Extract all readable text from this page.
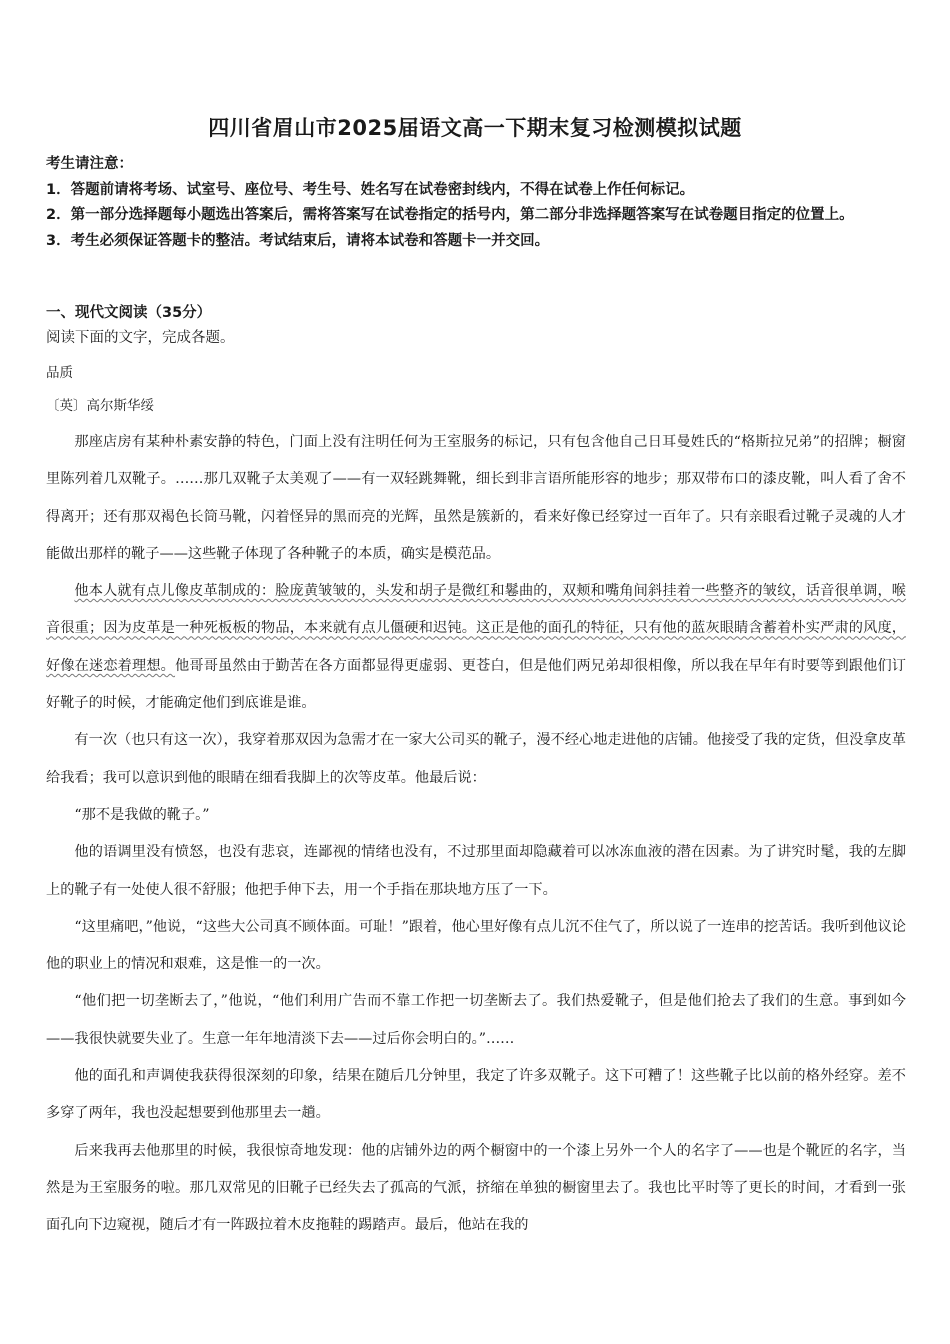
四川省眉山市2025届语文高一下期末复习检测模拟试题

考生请注意：

1．答题前请将考场、试室号、座位号、考生号、姓名写在试卷密封线内，不得在试卷上作任何标记。

2．第一部分选择题每小题选出答案后，需将答案写在试卷指定的括号内，第二部分非选择题答案写在试卷题目指定的位置上。

3．考生必须保证答题卡的整洁。考试结束后，请将本试卷和答题卡一并交回。

一、现代文阅读（35分）
阅读下面的文字，完成各题。
品质
〔英〕高尔斯华绥

那座店房有某种朴素安静的特色，门面上没有注明任何为王室服务的标记，只有包含他自己日耳曼姓氏的“格斯拉兄弟”的招牌；橱窗里陈列着几双靴子。……那几双靴子太美观了——有一双轻跳舞靴，细长到非言语所能形容的地步；那双带布口的漆皮靴，叫人看了舍不得离开；还有那双褐色长筒马靴，闪着怪异的黑而亮的光辉，虽然是簇新的，看来好像已经穿过一百年了。只有亲眼看过靴子灵魂的人才能做出那样的靴子——这些靴子体现了各种靴子的本质，确实是模范品。

他本人就有点儿像皮革制成的：脸庞黄皱皱的，头发和胡子是微红和鬈曲的，双颊和嘴角间斜挂着一些整齐的皱纹，话音很单调，喉音很重；因为皮革是一种死板板的物品，本来就有点儿僵硬和迟钝。这正是他的面孔的特征，只有他的蓝灰眼睛含蓄着朴实严肃的风度，好像在迷恋着理想。他哥哥虽然由于勤苦在各方面都显得更虚弱、更苍白，但是他们两兄弟却很相像，所以我在早年有时要等到跟他们订好靴子的时候，才能确定他们到底谁是谁。

有一次（也只有这一次），我穿着那双因为急需才在一家大公司买的靴子，漫不经心地走进他的店铺。他接受了我的定货，但没拿皮革给我看；我可以意识到他的眼睛在细看我脚上的次等皮革。他最后说：

“那不是我做的靴子。”

他的语调里没有愤怒，也没有悲哀，连鄙视的情绪也没有，不过那里面却隐藏着可以冰冻血液的潜在因素。为了讲究时髦，我的左脚上的靴子有一处使人很不舒服；他把手伸下去，用一个手指在那块地方压了一下。

“这里痛吧，”他说，“这些大公司真不顾体面。可耻！”跟着，他心里好像有点儿沉不住气了，所以说了一连串的挖苦话。我听到他议论他的职业上的情况和艰难，这是惟一的一次。

“他们把一切垄断去了，”他说，“他们利用广告而不靠工作把一切垄断去了。我们热爱靴子，但是他们抢去了我们的生意。事到如今——我很快就要失业了。生意一年年地清淡下去——过后你会明白的。”……

他的面孔和声调使我获得很深刻的印象，结果在随后几分钟里，我定了许多双靴子。这下可糟了！这些靴子比以前的格外经穿。差不多穿了两年，我也没起想要到他那里去一趟。

后来我再去他那里的时候，我很惊奇地发现：他的店铺外边的两个橱窗中的一个漆上另外一个人的名字了——也是个靴匠的名字，当然是为王室服务的啦。那几双常见的旧靴子已经失去了孤高的气派，挤缩在单独的橱窗里去了。我也比平时等了更长的时间，才看到一张面孔向下边窥视，随后才有一阵趿拉着木皮拖鞋的踢踏声。最后，他站在我的
